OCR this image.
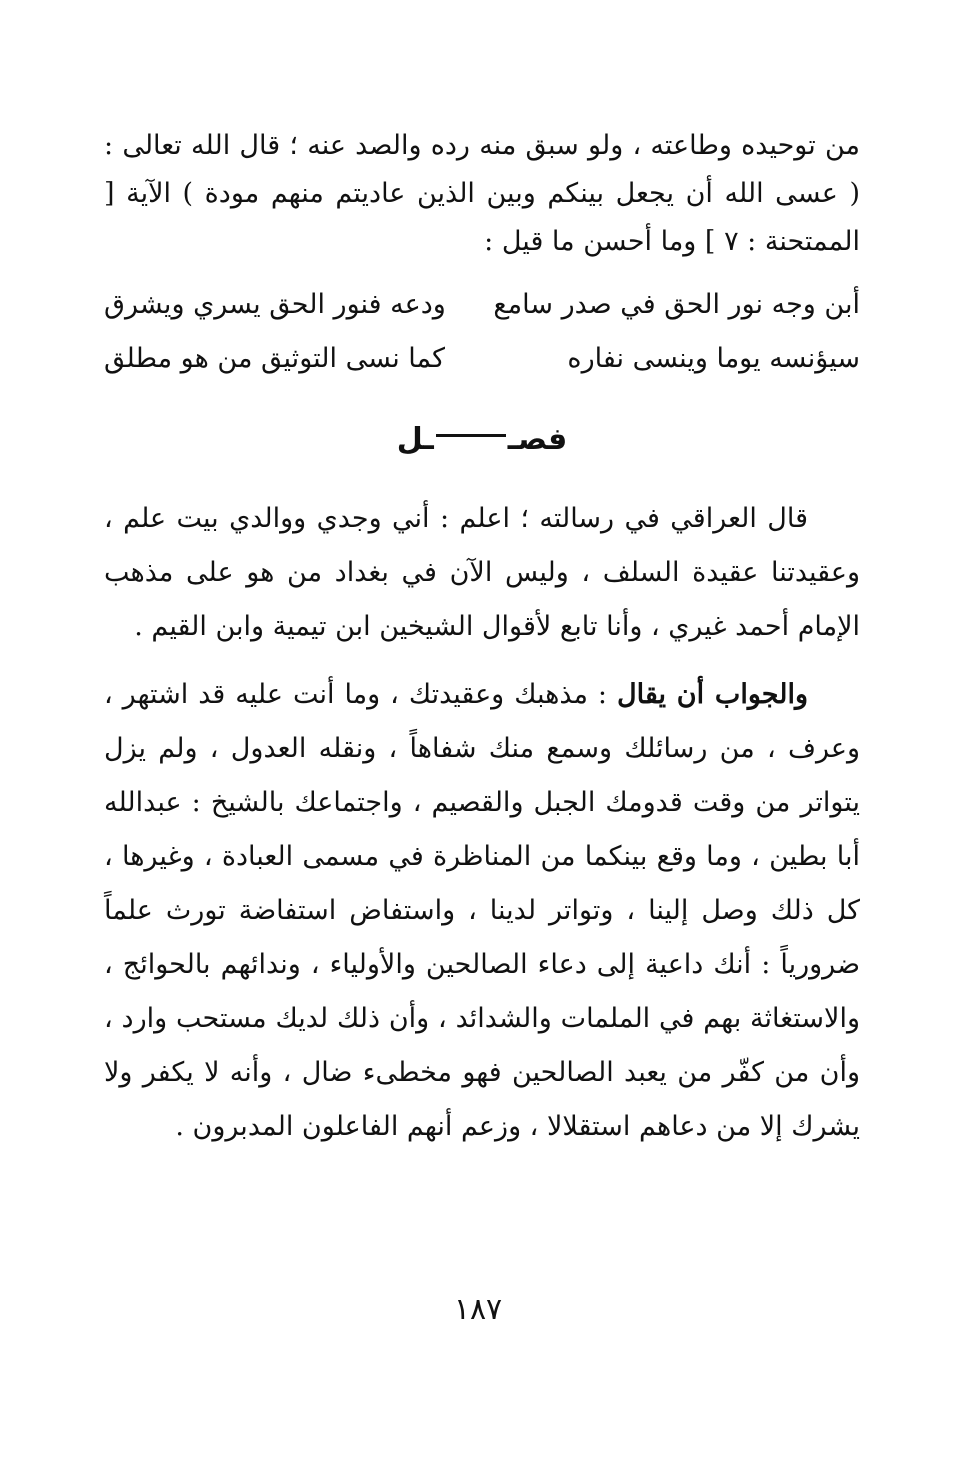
من توحيده وطاعته ، ولو سبق منه رده والصد عنه ؛ قال الله تعالى : ( عسى الله أن يجعل بينكم وبين الذين عاديتم منهم مودة ) الآية [ الممتحنة : ٧ ] وما أحسن ما قيل :

أبن وجه نور الحق في صدر سامع
ودعه فنور الحق يسري ويشرق
سيؤنسه يوما وينسى نفاره
كما نسى التوثيق من هو مطلق
فصــل

قال العراقي في رسالته ؛ اعلم : أني وجدي ووالدي بيت علم ، وعقيدتنا عقيدة السلف ، وليس الآن في بغداد من هو على مذهب الإمام أحمد غيري ، وأنا تابع لأقوال الشيخين ابن تيمية وابن القيم .

والجواب أن يقال : مذهبك وعقيدتك ، وما أنت عليه قد اشتهر ، وعرف ، من رسائلك وسمع منك شفاهاً ، ونقله العدول ، ولم يزل يتواتر من وقت قدومك الجبل والقصيم ، واجتماعك بالشيخ : عبدالله أبا بطين ، وما وقع بينكما من المناظرة في مسمى العبادة ، وغيرها ، كل ذلك وصل إلينا ، وتواتر لدينا ، واستفاض استفاضة تورث علماً ضرورياً : أنك داعية إلى دعاء الصالحين والأولياء ، وندائهم بالحوائج ، والاستغاثة بهم في الملمات والشدائد ، وأن ذلك لديك مستحب وارد ، وأن من كفّر من يعبد الصالحين فهو مخطىء ضال ، وأنه لا يكفر ولا يشرك إلا من دعاهم استقلالا ، وزعم أنهم الفاعلون المدبرون .

١٨٧
